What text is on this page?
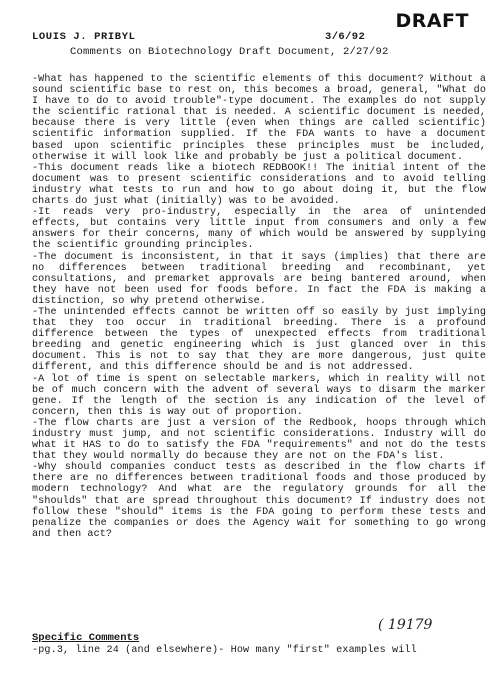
DRAFT
LOUIS J. PRIBYL	3/6/92
Comments on Biotechnology Draft Document, 2/27/92

-What has happened to the scientific elements of this document? Without a sound scientific base to rest on, this becomes a broad, general, "What do I have to do to avoid trouble"-type document. The examples do not supply the scientific rational that is needed. A scientific document is needed, because there is very little (even when things are called scientific) scientific information supplied. If the FDA wants to have a document based upon scientific principles these principles must be included, otherwise it will look like and probably be just a political document.

-This document reads like a biotech REDBOOK!! The initial intent of the document was to present scientific considerations and to avoid telling industry what tests to run and how to go about doing it, but the flow charts do just what (initially) was to be avoided.

-It reads very pro-industry, especially in the area of unintended effects, but contains very little input from consumers and only a few answers for their concerns, many of which would be answered by supplying the scientific grounding principles.

-The document is inconsistent, in that it says (implies) that there are no differences between traditional breeding and recombinant, yet consultations, and premarket approvals are being bantered around, when they have not been used for foods before. In fact the FDA is making a distinction, so why pretend otherwise.

-The unintended effects cannot be written off so easily by just implying that they too occur in traditional breeding. There is a profound difference between the types of unexpected effects from traditional breeding and genetic engineering which is just glanced over in this document. This is not to say that they are more dangerous, just quite different, and this difference should be and is not addressed.

-A lot of time is spent on selectable markers, which in reality will not be of much concern with the advent of several ways to disarm the marker gene. If the length of the section is any indication of the level of concern, then this is way out of proportion.

-The flow charts are just a version of the Redbook, hoops through which industry must jump, and not scientific considerations. Industry will do what it HAS to do to satisfy the FDA "requirements" and not do the tests that they would normally do because they are not on the FDA's list.

-Why should companies conduct tests as described in the flow charts if there are no differences between traditional foods and those produced by modern technology? And what are the regulatory grounds for all the "shoulds" that are spread throughout this document? If industry does not follow these "should" items is the FDA going to perform these tests and penalize the companies or does the Agency wait for something to go wrong and then act?

( 19179
Specific Comments
-pg.3, line 24 (and elsewhere)- How many "first" examples will
